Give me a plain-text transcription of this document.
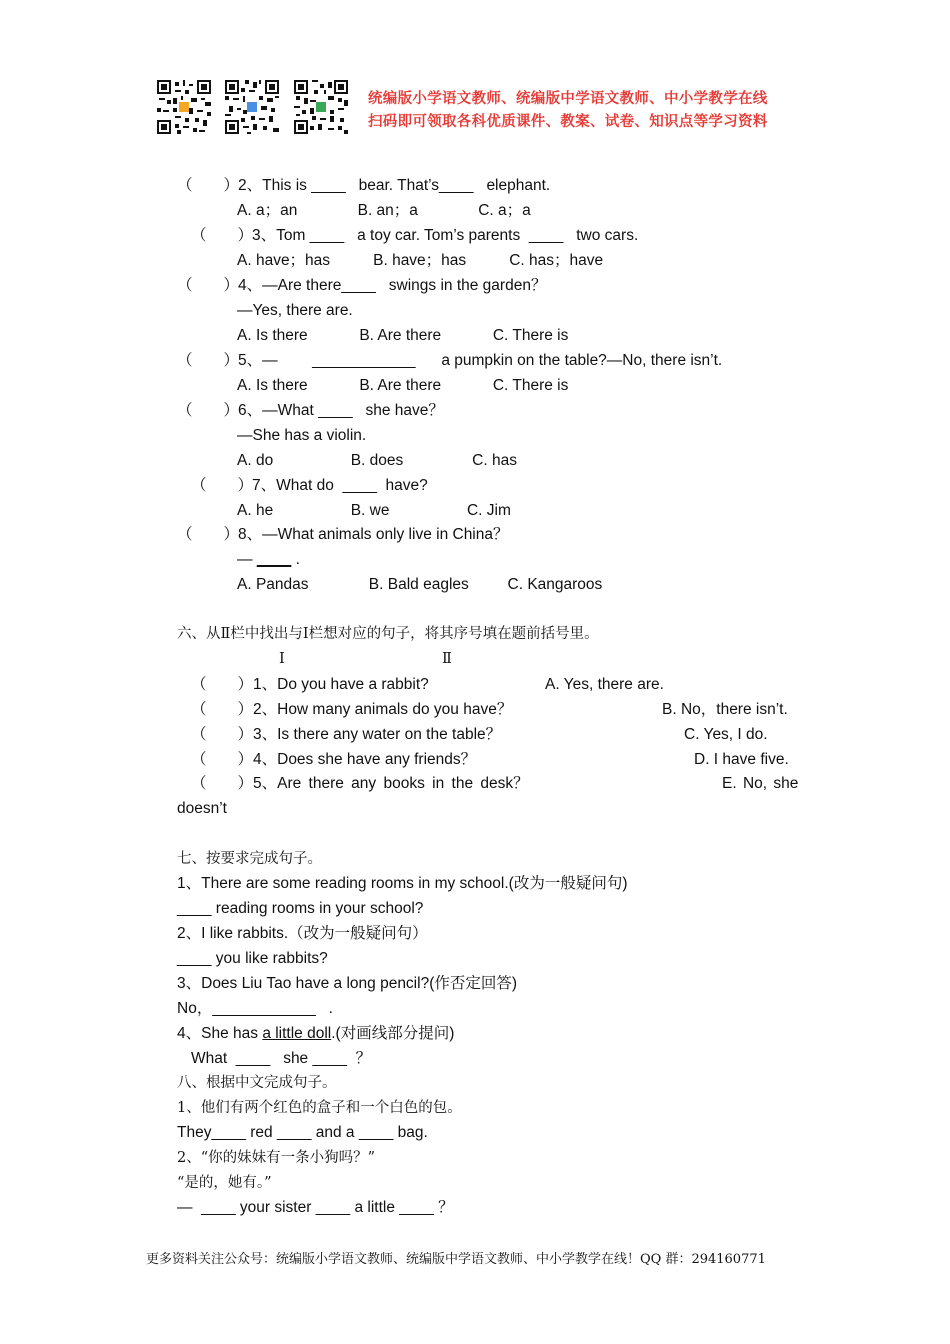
统编版小学语文教师、统编版中学语文教师、中小学教学在线
扫码即可领取各科优质课件、教案、试卷、知识点等学习资料
（　　）
2、This is ____   bear. That’s____   elephant.
A. a；an              B. an；a              C. a；a
（　　）
3、Tom ____   a toy car. Tom’s parents  ____   two cars.
A. have；has          B. have；has          C. has；have
（　　）
4、—Are there____   swings in the garden？
—Yes, there are.
A. Is there            B. Are there            C. There is
（　　）
5、—        ____________      a pumpkin on the table?—No, there isn’t.
A. Is there            B. Are there            C. There is
（　　）
6、—What ____   she have？
—She has a violin.
A. do                  B. does                C. has
（　　）
7、What do  ____  have?
A. he                  B. we                  C. Jim
（　　）
8、—What animals only live in China？
— ____ .
A. Pandas              B. Bald eagles         C. Kangaroos
六、从Ⅱ栏中找出与Ⅰ栏想对应的句子，将其序号填在题前括号里。
Ⅰ	Ⅱ
（　　）1、Do you have a rabbit?	A. Yes, there are.
（　　）2、How many animals do you have？	B. No，there isn’t.
（　　）3、Is there any water on the table？	C. Yes, I do.
（　　）4、Does she have any friends？	D. I have five.
（　　）5、Are there any books in the desk？	E. No, she
doesn’t
七、按要求完成句子。
1、There are some reading rooms in my school.(改为一般疑问句)
____ reading rooms in your school?
2、I like rabbits.（改为一般疑问句）
____ you like rabbits?
3、Does Liu Tao have a long pencil?(作否定回答)
No，____________   .
4、She has a little doll.(对画线部分提问)
What  ____   she ____  ？
八、根据中文完成句子。
1、他们有两个红色的盒子和一个白色的包。
They____ red ____ and a ____ bag.
2、“你的妹妹有一条小狗吗？”
“是的，她有。”
—  ____ your sister ____ a little ____ ？
更多资料关注公众号：统编版小学语文教师、统编版中学语文教师、中小学教学在线！QQ 群：294160771
